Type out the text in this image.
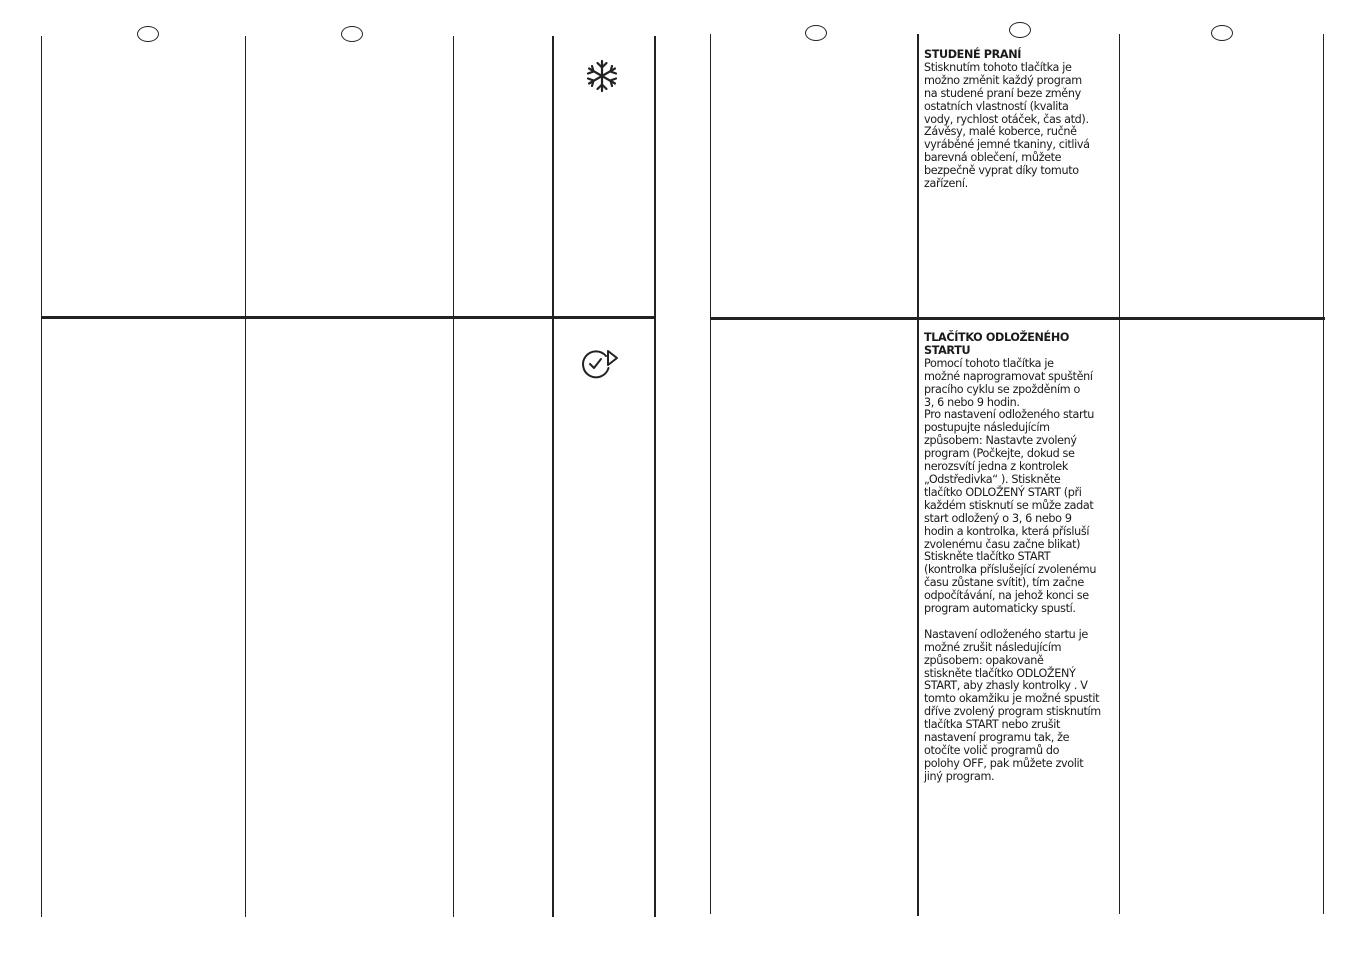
STUDENÉ PRANÍ
Stisknutím tohoto tlačítka je
možno změnit každý program
na studené praní beze změny
ostatních vlastností (kvalita
vody, rychlost otáček, čas atd).
Závěsy, malé koberce, ručně
vyráběné jemné tkaniny, citlivá
barevná oblečení, můžete
bezpečně vyprat díky tomuto
zařízení.
TLAČÍTKO ODLOŽENÉHO
STARTU
Pomocí tohoto tlačítka je
možné naprogramovat spuštění
pracího cyklu se zpožděním o
3, 6 nebo 9 hodin.
Pro nastavení odloženého startu
postupujte následujícím
způsobem: Nastavte zvolený
program (Počkejte, dokud se
nerozsvítí jedna z kontrolek
„Odstředivka“ ). Stiskněte
tlačítko ODLOŽENÝ START (při
každém stisknutí se může zadat
start odložený o 3, 6 nebo 9
hodin a kontrolka, která přísluší
zvolenému času začne blikat)
Stiskněte tlačítko START
(kontrolka příslušející zvolenému
času zůstane svítit), tím začne
odpočítávání, na jehož konci se
program automaticky spustí.

Nastavení odloženého startu je
možné zrušit následujícím
způsobem: opakovaně
stiskněte tlačítko ODLOŽENÝ
START, aby zhasly kontrolky . V
tomto okamžiku je možné spustit
dříve zvolený program stisknutím
tlačítka START nebo zrušit
nastavení programu tak, že
otočíte volič programů do
polohy OFF, pak můžete zvolit
jiný program.
